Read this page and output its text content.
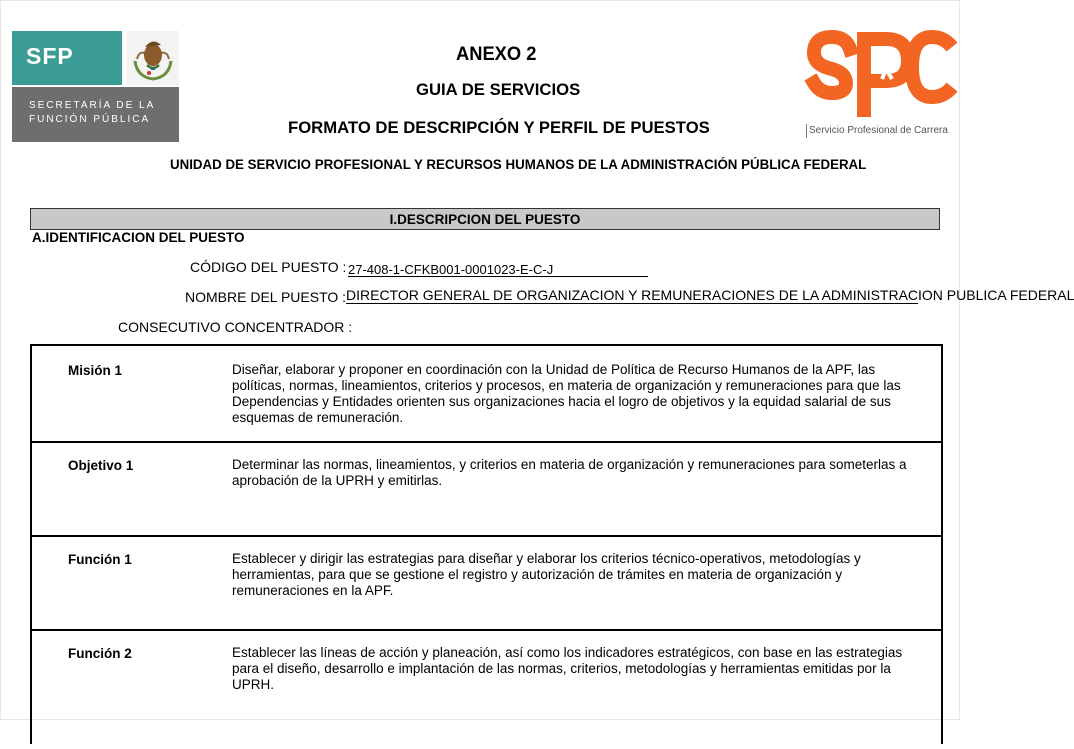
SFP
SECRETARÍA DE LA
FUNCIÓN PÚBLICA
Servicio Profesional de Carrera
ANEXO 2
GUIA DE SERVICIOS
FORMATO DE DESCRIPCIÓN Y PERFIL DE PUESTOS
UNIDAD DE SERVICIO PROFESIONAL Y RECURSOS HUMANOS DE LA ADMINISTRACIÓN PÚBLICA FEDERAL
I.DESCRIPCION DEL PUESTO
A.IDENTIFICACION DEL PUESTO
CÓDIGO DEL PUESTO : 27-408-1-CFKB001-0001023-E-C-J
NOMBRE DEL PUESTO : DIRECTOR GENERAL DE ORGANIZACION Y REMUNERACIONES DE LA ADMINISTRACION PUBLICA FEDERAL
CONSECUTIVO CONCENTRADOR :
Misión 1	Diseñar, elaborar y proponer en coordinación con la Unidad de Política de Recurso Humanos de la APF, las políticas, normas, lineamientos, criterios y procesos, en materia de organización y remuneraciones para que las Dependencias y Entidades orienten sus organizaciones hacia el logro de objetivos y la equidad salarial de sus esquemas de remuneración.
Objetivo 1	Determinar las normas, lineamientos, y criterios en materia de organización y remuneraciones para someterlas a aprobación de la UPRH y emitirlas.
Función 1	Establecer y dirigir las estrategias para diseñar y elaborar los criterios técnico-operativos, metodologías y herramientas, para que se gestione el registro y autorización de trámites en materia de organización y remuneraciones en la APF.
Función 2	Establecer las líneas de acción y planeación, así como los indicadores estratégicos, con base en las estrategias para el diseño, desarrollo e implantación de las normas, criterios, metodologías y herramientas emitidas por la UPRH.
